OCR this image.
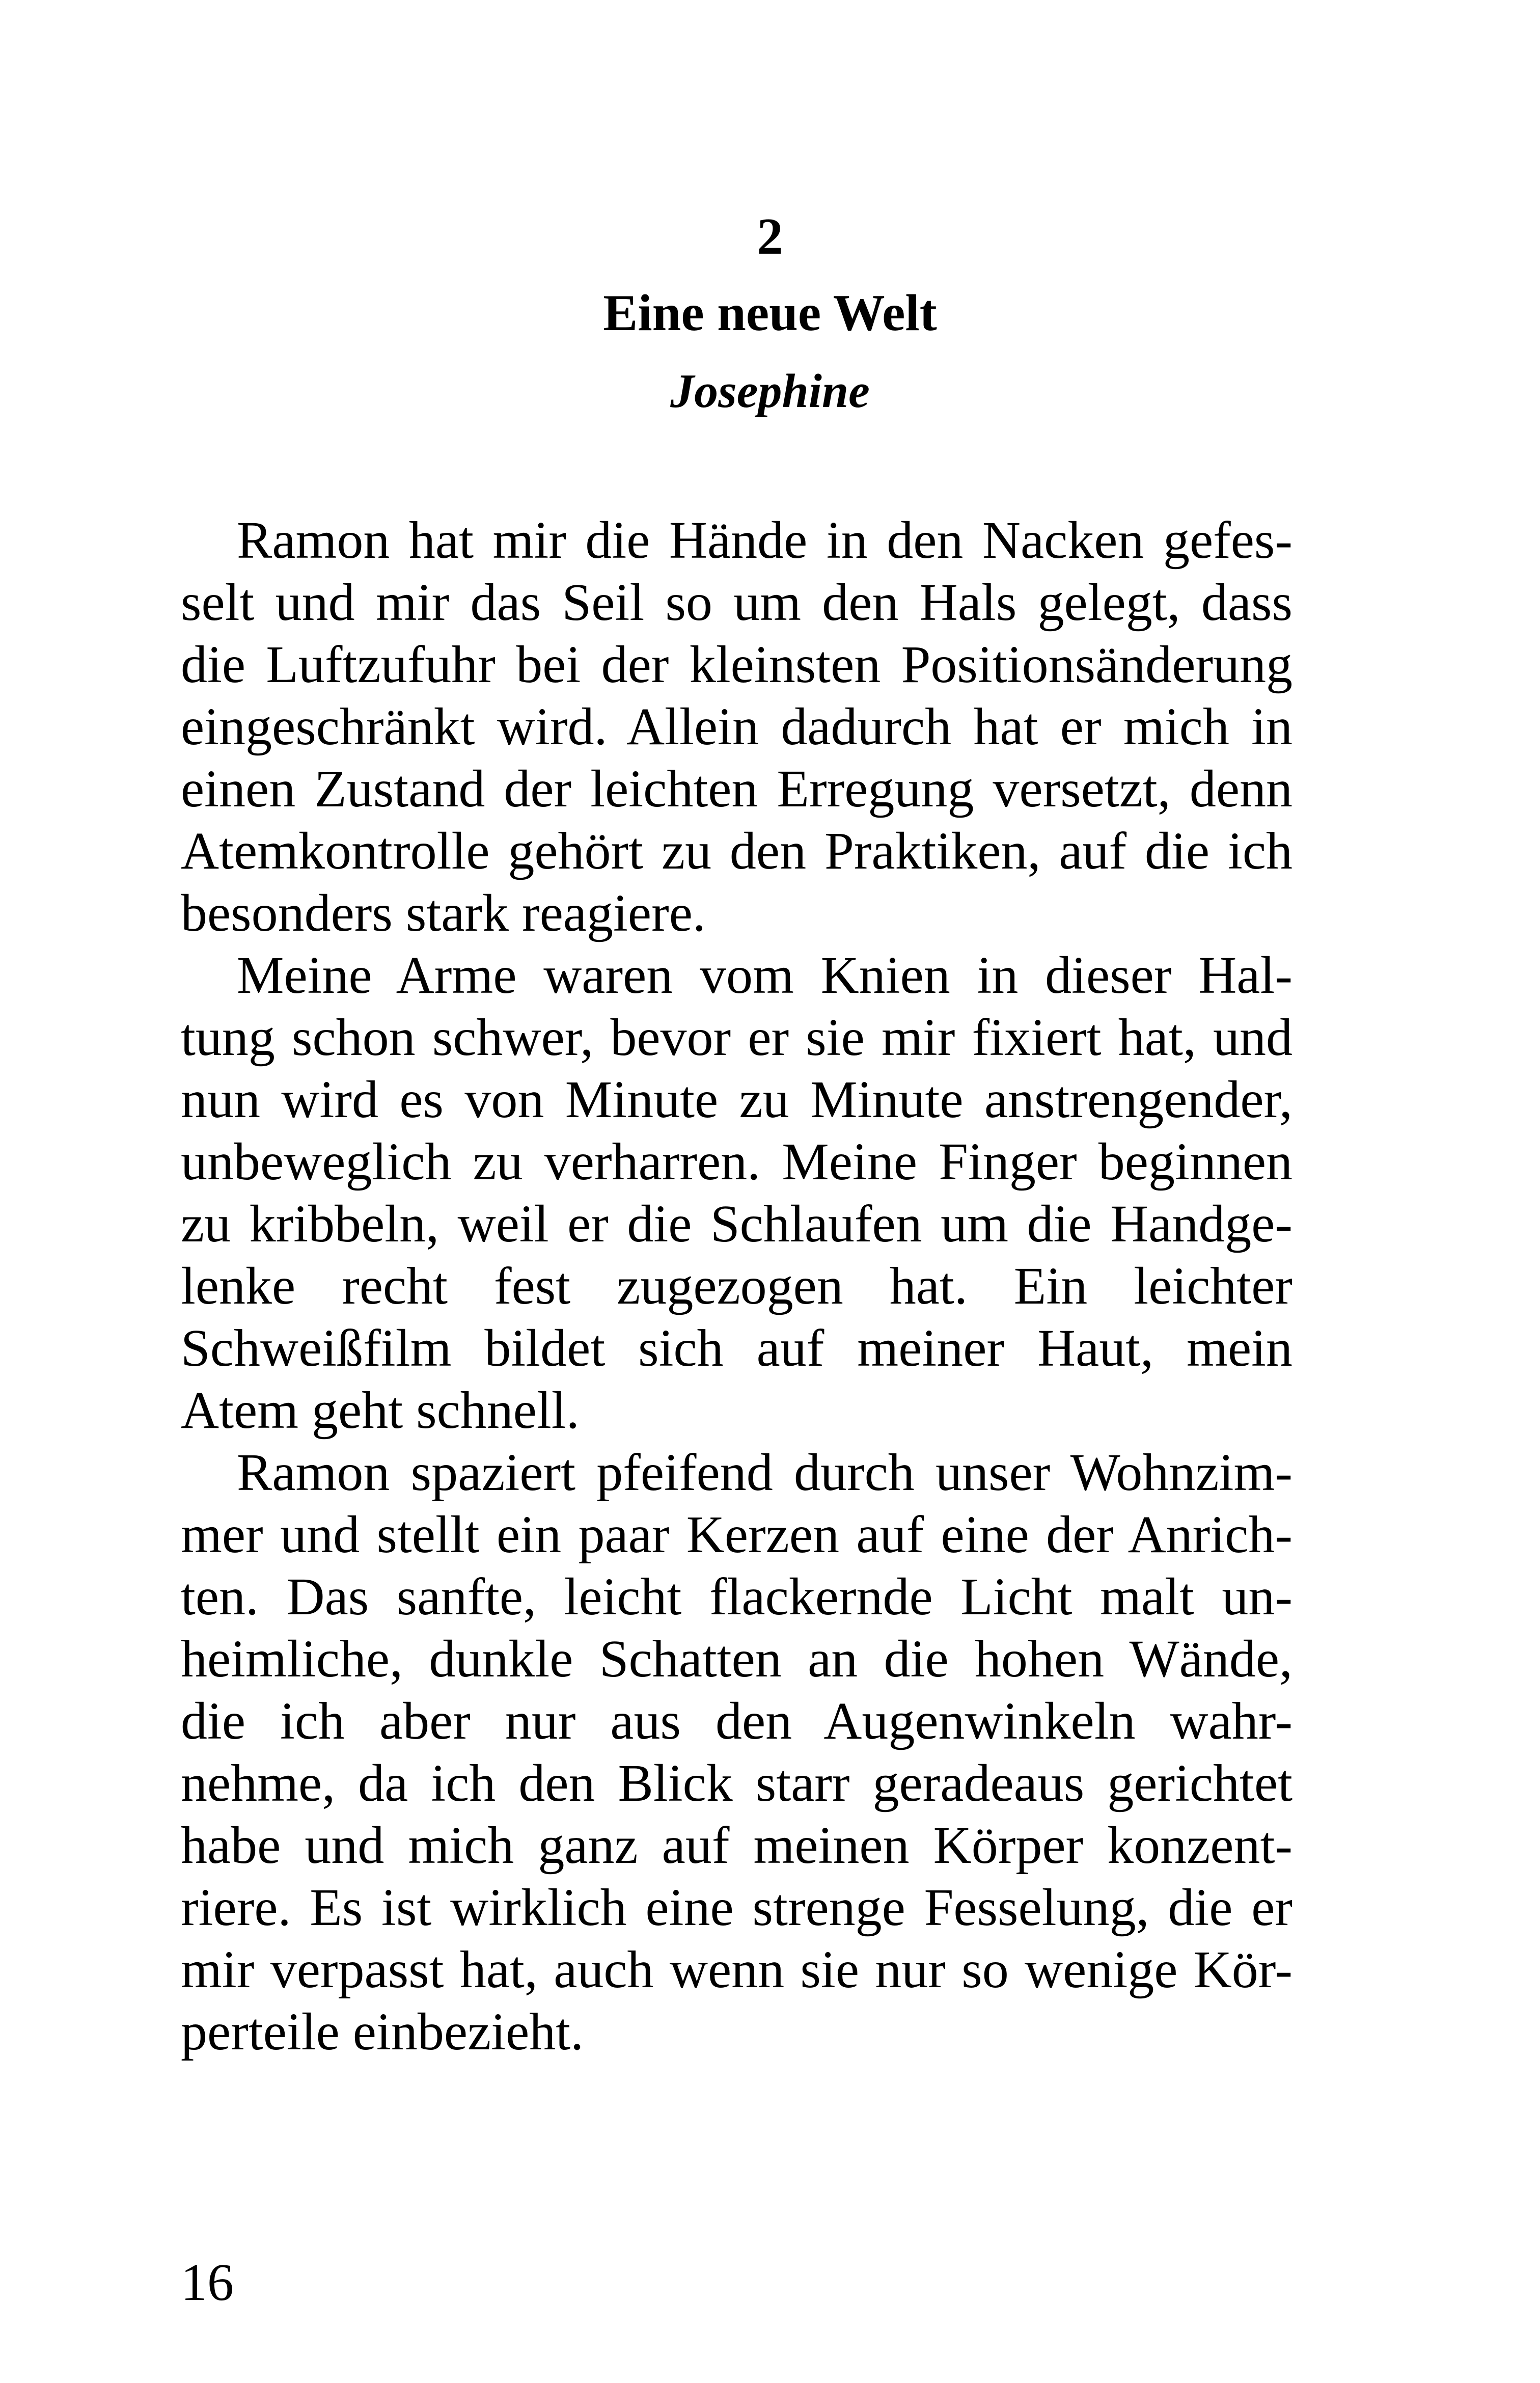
2
Eine neue Welt
Josephine
Ramon hat mir die Hände in den Nacken gefes-
selt und mir das Seil so um den Hals gelegt, dass
die Luftzufuhr bei der kleinsten Positionsänderung
eingeschränkt wird. Allein dadurch hat er mich in
einen Zustand der leichten Erregung versetzt, denn
Atemkontrolle gehört zu den Praktiken, auf die ich
besonders stark reagiere.
Meine Arme waren vom Knien in dieser Hal-
tung schon schwer, bevor er sie mir fixiert hat, und
nun wird es von Minute zu Minute anstrengender,
unbeweglich zu verharren. Meine Finger beginnen
zu kribbeln, weil er die Schlaufen um die Handge-
lenke recht fest zugezogen hat. Ein leichter
Schweißfilm bildet sich auf meiner Haut, mein
Atem geht schnell.
Ramon spaziert pfeifend durch unser Wohnzim-
mer und stellt ein paar Kerzen auf eine der Anrich-
ten. Das sanfte, leicht flackernde Licht malt un-
heimliche, dunkle Schatten an die hohen Wände,
die ich aber nur aus den Augenwinkeln wahr-
nehme, da ich den Blick starr geradeaus gerichtet
habe und mich ganz auf meinen Körper konzent-
riere. Es ist wirklich eine strenge Fesselung, die er
mir verpasst hat, auch wenn sie nur so wenige Kör-
perteile einbezieht.
16
